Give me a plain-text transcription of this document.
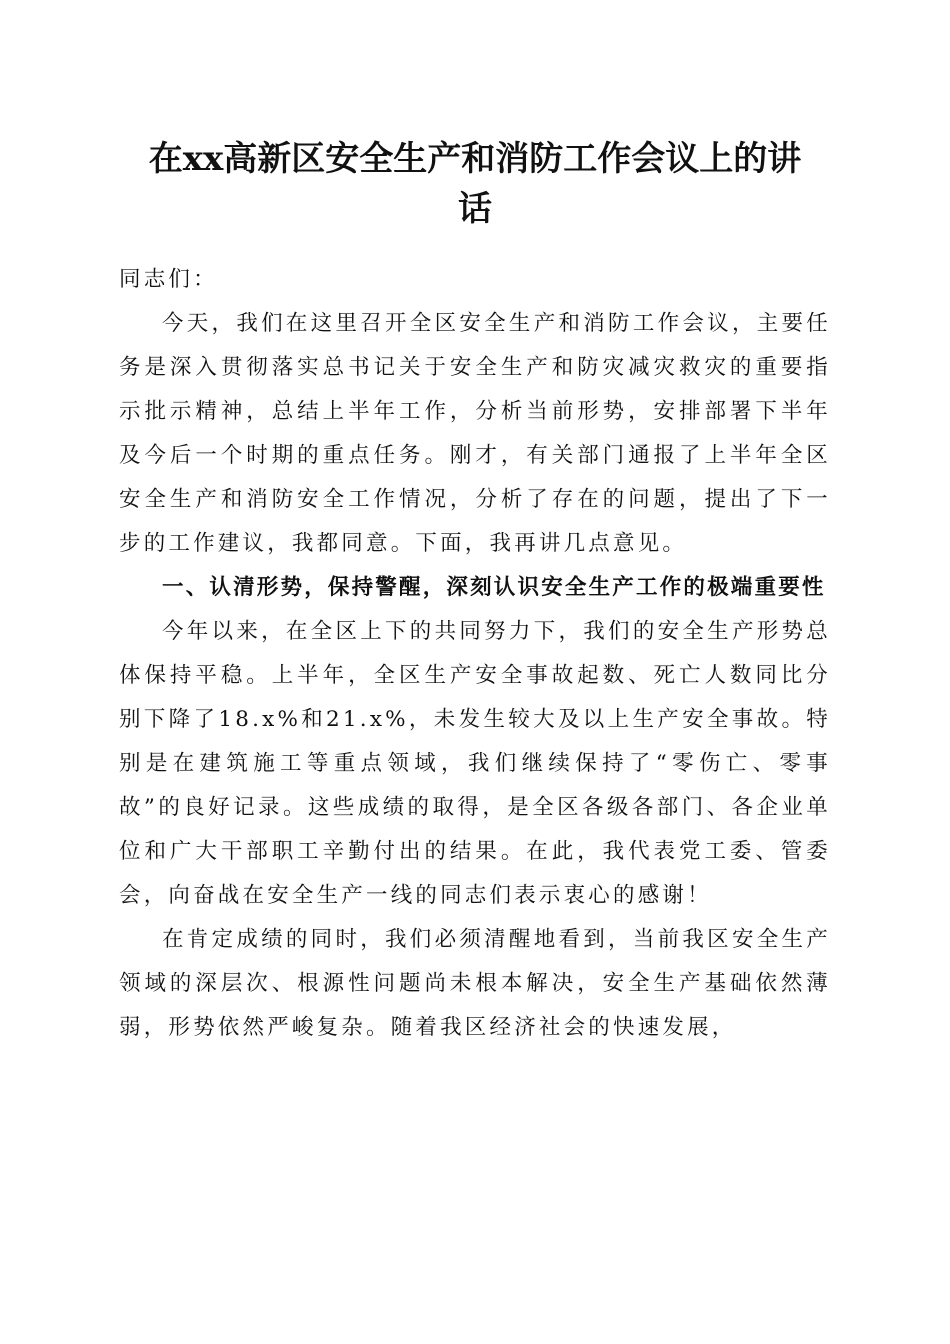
在xx高新区安全生产和消防工作会议上的讲
话

同志们：

今天，我们在这里召开全区安全生产和消防工作会议，主要任务是深入贯彻落实总书记关于安全生产和防灾减灾救灾的重要指示批示精神，总结上半年工作，分析当前形势，安排部署下半年及今后一个时期的重点任务。刚才，有关部门通报了上半年全区安全生产和消防安全工作情况，分析了存在的问题，提出了下一步的工作建议，我都同意。下面，我再讲几点意见。

一、认清形势，保持警醒，深刻认识安全生产工作的极端重要性

今年以来，在全区上下的共同努力下，我们的安全生产形势总体保持平稳。上半年，全区生产安全事故起数、死亡人数同比分别下降了18.x%和21.x%，未发生较大及以上生产安全事故。特别是在建筑施工等重点领域，我们继续保持了“零伤亡、零事故”的良好记录。这些成绩的取得，是全区各级各部门、各企业单位和广大干部职工辛勤付出的结果。在此，我代表党工委、管委会，向奋战在安全生产一线的同志们表示衷心的感谢！

在肯定成绩的同时，我们必须清醒地看到，当前我区安全生产领域的深层次、根源性问题尚未根本解决，安全生产基础依然薄弱，形势依然严峻复杂。随着我区经济社会的快速发展，
